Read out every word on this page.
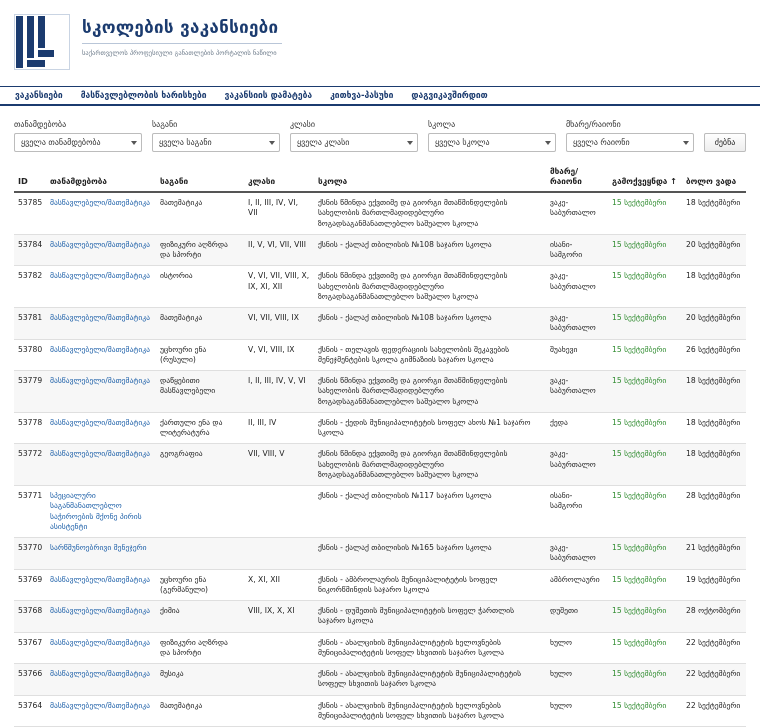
სკოლების ვაკანსიები
საქართველოს პროფესიული განათლების პორტალის ნაწილი
ვაკანსიები	მასწავლებლობის ხარისხები	ვაკანსიის დამატება	კითხვა-პასუხი	დაგვიკავშირდით
თანამდებობა
ყველა თანამდებობა
საგანი
ყველა საგანი
კლასი
ყველა კლასი
სკოლა
ყველა სკოლა
მხარე/რაიონი
ყველა რაიონი	ძებნა
ID	თანამდებობა	საგანი	კლასი	სკოლა	მხარე/რაიონი	გამოქვეყნდა ↑	ბოლო ვადა
53785	მასწავლებელი/მათემატიკა	მათემატიკა	I, II, III, IV, VI, VII	ქსნის წმინდა ექვთიმე და გიორგი მთაწმინდელების სახელობის მართლმადიდებლური ზოგადსაგანმანათლებლო საშუალო სკოლა	ვაკე-საბურთალო	15 სექტემბერი	18 სექტემბერი
53784	მასწავლებელი/მათემატიკა	ფიზიკური აღზრდა და სპორტი	II, V, VI, VII, VIII	ქსნის - ქალაქ თბილისის №108 საჯარო სკოლა	ისანი-სამგორი	15 სექტემბერი	20 სექტემბერი
53782	მასწავლებელი/მათემატიკა	ისტორია	V, VI, VII, VIII, X, IX, XI, XII	ქსნის წმინდა ექვთიმე და გიორგი მთაწმინდელების სახელობის მართლმადიდებლური ზოგადსაგანმანათლებლო საშუალო სკოლა	ვაკე-საბურთალო	15 სექტემბერი	18 სექტემბერი
53781	მასწავლებელი/მათემატიკა	მათემატიკა	VI, VII, VIII, IX	ქსნის - ქალაქ თბილისის №108 საჯარო სკოლა	ვაკე-საბურთალო	15 სექტემბერი	20 სექტემბერი
53780	მასწავლებელი/მათემატიკა	უცხოური ენა (რუსული)	V, VI, VIII, IX	ქსნის - თელავის ფედერაციის სახელობის შეკავების მენეჯმენტების სკოლა გიმნაზიის საჯარო სკოლა	შუახევი	15 სექტემბერი	26 სექტემბერი
53779	მასწავლებელი/მათემატიკა	დაწყებითი მასწავლებელი	I, II, III, IV, V, VI	ქსნის წმინდა ექვთიმე და გიორგი მთაწმინდელების სახელობის მართლმადიდებლური ზოგადსაგანმანათლებლო საშუალო სკოლა	ვაკე-საბურთალო	15 სექტემბერი	18 სექტემბერი
53778	მასწავლებელი/მათემატიკა	ქართული ენა და ლიტერატურა	II, III, IV	ქსნის - ქედის მუნიციპალიტეტის სოფელ ახოს №1 საჯარო სკოლა	ქედა	15 სექტემბერი	18 სექტემბერი
53772	მასწავლებელი/მათემატიკა	გეოგრაფია	VII, VIII, V	ქსნის წმინდა ექვთიმე და გიორგი მთაწმინდელების სახელობის მართლმადიდებლური ზოგადსაგანმანათლებლო საშუალო სკოლა	ვაკე-საბურთალო	15 სექტემბერი	18 სექტემბერი
53771	სპეციალური საგანმანათლებლო საჭიროების მქონე პირის ასისტენტი			ქსნის - ქალაქ თბილისის №117 საჯარო სკოლა	ისანი-სამგორი	15 სექტემბერი	28 სექტემბერი
53770	სარწმუნოებრივი მენეჯერი			ქსნის - ქალაქ თბილისის №165 საჯარო სკოლა	ვაკე-საბურთალო	15 სექტემბერი	21 სექტემბერი
53769	მასწავლებელი/მათემატიკა	უცხოური ენა (გერმანული)	X, XI, XII	ქსნის - ამბროლაურის მუნიციპალიტეტის სოფელ ნიკორწმინდის საჯარო სკოლა	ამბროლაური	15 სექტემბერი	19 სექტემბერი
53768	მასწავლებელი/მათემატიკა	ქიმია	VIII, IX, X, XI	ქსნის - დუშეთის მუნიციპალიტეტის სოფელ ჭართლის საჯარო სკოლა	დუშეთი	15 სექტემბერი	28 ოქტომბერი
53767	მასწავლებელი/მათემატიკა	ფიზიკური აღზრდა და სპორტი		ქსნის - ახალციხის მუნიციპალიტეტის ხელოვნების მუნიციპალიტეტის სოფელ სხვითის საჯარო სკოლა	ხულო	15 სექტემბერი	22 სექტემბერი
53766	მასწავლებელი/მათემატიკა	მუსიკა		ქსნის - ახალციხის მუნიციპალიტეტის მუნიციპალიტეტის სოფელ სხვითის საჯარო სკოლა	ხულო	15 სექტემბერი	22 სექტემბერი
53764	მასწავლებელი/მათემატიკა	მათემატიკა		ქსნის - ახალციხის მუნიციპალიტეტის ხელოვნების მუნიციპალიტეტის სოფელ სხვითის საჯარო სკოლა	ხულო	15 სექტემბერი	22 სექტემბერი
